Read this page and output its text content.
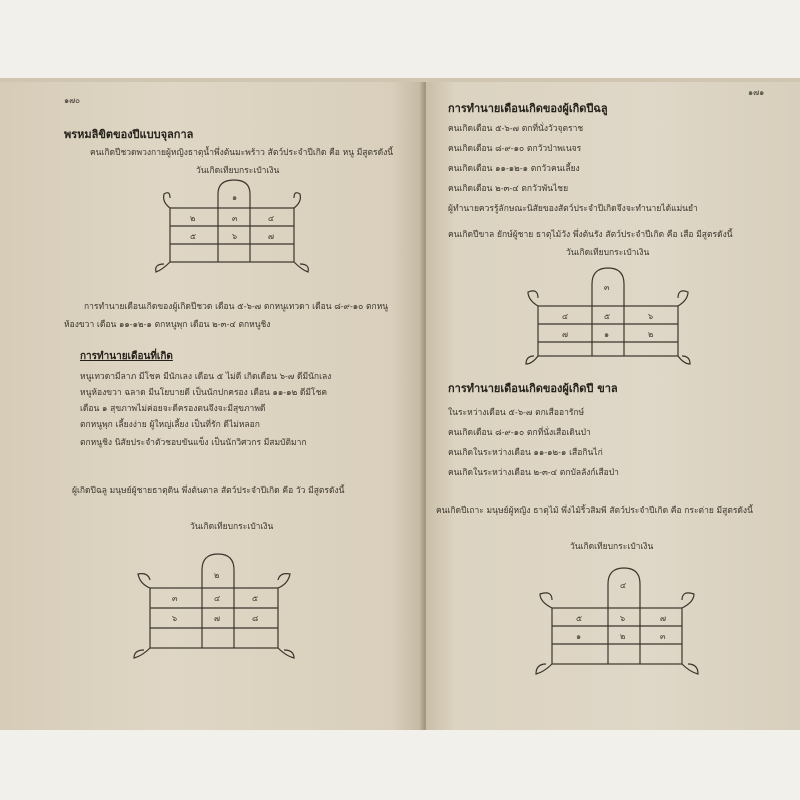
๑๗๐
พรหมลิขิตของปีแบบจุลกาล
คนเกิดปีชวดพวงกายผู้หญิงธาตุน้ำพึ่งต้นมะพร้าว สัตว์ประจำปีเกิด คือ หนู มีสูตรดังนี้
วันเกิดเทียบกระเป๋าเงิน
๑
๒	๓	๔
๕	๖	๗
การทำนายเดือนเกิดของผู้เกิดปีชวด เดือน ๕-๖-๗ ตกหนูเทวดา เดือน ๘-๙-๑๐ ตกหนู
ห้องขวา เดือน ๑๑-๑๒-๑ ตกหนูพุก เดือน ๒-๓-๔ ตกหนูชิง
การทำนายเดือนที่เกิด
หนูเทวดามีลาภ มีโชค มีนักเลง เดือน ๕ ไม่ดี เกิดเดือน ๖-๗ ดีมีนักเลง
หนูห้องขวา ฉลาด มีนโยบายดี เป็นนักปกครอง เดือน ๑๑-๑๒ ดีมีโชค
เดือน ๑ สุขภาพไม่ค่อยจะดีครองตนจึงจะมีสุขภาพดี
ตกหนูพุก เลี้ยงง่าย ผู้ใหญ่เลี้ยง เป็นที่รัก ดีไม่หลอก
ตกหนูชิง นิสัยประจำตัวชอบขันแข็ง เป็นนักวิศวกร มีสมบัติมาก
ผู้เกิดปีฉลู มนุษย์ผู้ชายธาตุดิน พึ่งต้นตาล สัตว์ประจำปีเกิด คือ วัว มีสูตรดังนี้
วันเกิดเทียบกระเป๋าเงิน
๒
๓	๔	๕
๖	๗	๘
๑๗๑
การทำนายเดือนเกิดของผู้เกิดปีฉลู
คนเกิดเดือน ๕-๖-๗ ตกที่นั่งวัวจุตราช
คนเกิดเดือน ๘-๙-๑๐ ตกวัวป่าพเนจร
คนเกิดเดือน ๑๑-๑๒-๑ ตกวัวคนเลี้ยง
คนเกิดเดือน ๒-๓-๔ ตกวัวพันไชย
ผู้ทำนายควรรู้ลักษณะนิสัยของสัตว์ประจำปีเกิดจึงจะทำนายได้แม่นยำ
คนเกิดปีขาล ยักษ์ผู้ชาย ธาตุไม้วัง พึ่งต้นรัง สัตว์ประจำปีเกิด คือ เสือ มีสูตรดังนี้
วันเกิดเทียบกระเป๋าเงิน
๓
๔	๕	๖
๗	๑	๒
การทำนายเดือนเกิดของผู้เกิดปี ขาล
ในระหว่างเดือน ๕-๖-๗ ตกเสืออารักษ์
คนเกิดเดือน ๘-๙-๑๐ ตกที่นั่งเสือเดินป่า
คนเกิดในระหว่างเดือน ๑๑-๑๒-๑ เสือกินไก่
คนเกิดในระหว่างเดือน ๒-๓-๔ ตกบัลลังก์เสือป่า
คนเกิดปีเถาะ มนุษย์ผู้หญิง ธาตุไม้ พึ่งไม้ริ้วสิมพี สัตว์ประจำปีเกิด คือ กระต่าย มีสูตรดังนี้
วันเกิดเทียบกระเป๋าเงิน
๔
๕	๖	๗
๑	๒	๓
